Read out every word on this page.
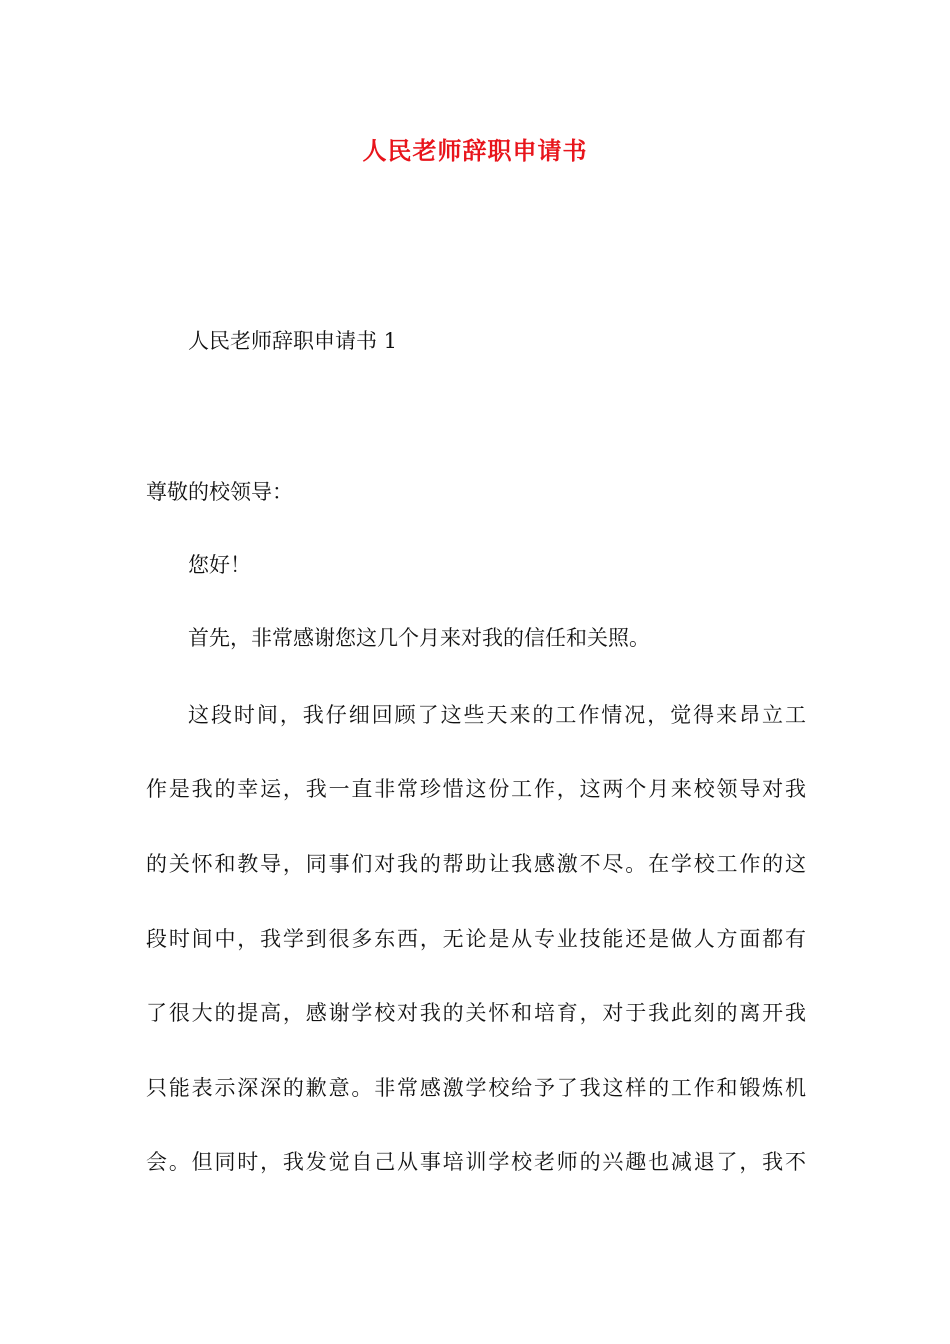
人民老师辞职申请书
人民老师辞职申请书 1
尊敬的校领导：
您好！
首先，非常感谢您这几个月来对我的信任和关照。
这段时间，我仔细回顾了这些天来的工作情况，觉得来昂立工
作是我的幸运，我一直非常珍惜这份工作，这两个月来校领导对我
的关怀和教导，同事们对我的帮助让我感激不尽。在学校工作的这
段时间中，我学到很多东西，无论是从专业技能还是做人方面都有
了很大的提高，感谢学校对我的关怀和培育，对于我此刻的离开我
只能表示深深的歉意。非常感激学校给予了我这样的工作和锻炼机
会。但同时，我发觉自己从事培训学校老师的兴趣也减退了，我不
